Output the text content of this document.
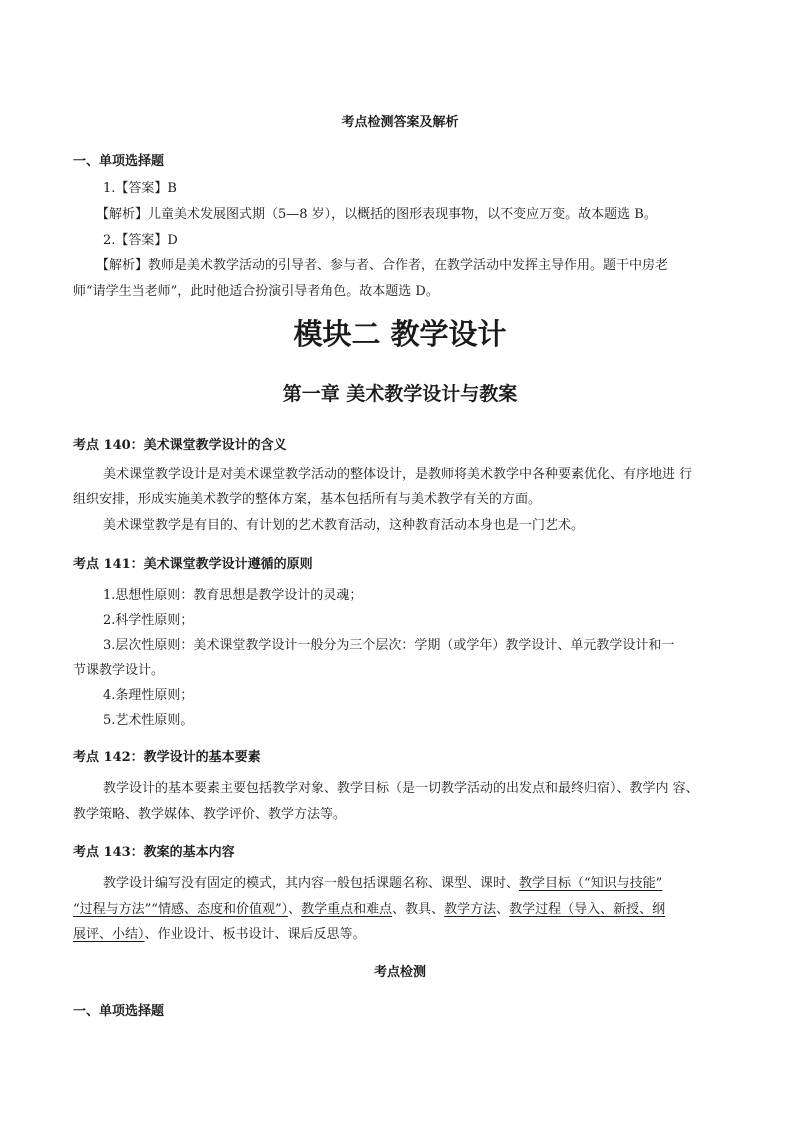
考点检测答案及解析
一、单项选择题
1.【答案】B
【解析】儿童美术发展图式期（5—8 岁），以概括的图形表现事物，以不变应万变。故本题选 B。
2.【答案】D
【解析】教师是美术教学活动的引导者、参与者、合作者，在教学活动中发挥主导作用。题干中房老
师“请学生当老师”，此时他适合扮演引导者角色。故本题选 D。
模块二 教学设计
第一章 美术教学设计与教案
考点 140：美术课堂教学设计的含义
美术课堂教学设计是对美术课堂教学活动的整体设计，是教师将美术教学中各种要素优化、有序地进 行
组织安排，形成实施美术教学的整体方案，基本包括所有与美术教学有关的方面。
美术课堂教学是有目的、有计划的艺术教育活动，这种教育活动本身也是一门艺术。
考点 141：美术课堂教学设计遵循的原则
1.思想性原则：教育思想是教学设计的灵魂；
2.科学性原则；
3.层次性原则：美术课堂教学设计一般分为三个层次：学期（或学年）教学设计、单元教学设计和一
节课教学设计。
4.条理性原则；
5.艺术性原则。
考点 142：教学设计的基本要素
教学设计的基本要素主要包括教学对象、教学目标（是一切教学活动的出发点和最终归宿）、教学内 容、
教学策略、教学媒体、教学评价、教学方法等。
考点 143：教案的基本内容
教学设计编写没有固定的模式，其内容一般包括课题名称、课型、课时、教学目标（“知识与技能”
“过程与方法”“情感、态度和价值观”）、教学重点和难点、教具、教学方法、教学过程（导入、新授、纲
展评、小结）、作业设计、板书设计、课后反思等。
考点检测
一、单项选择题
